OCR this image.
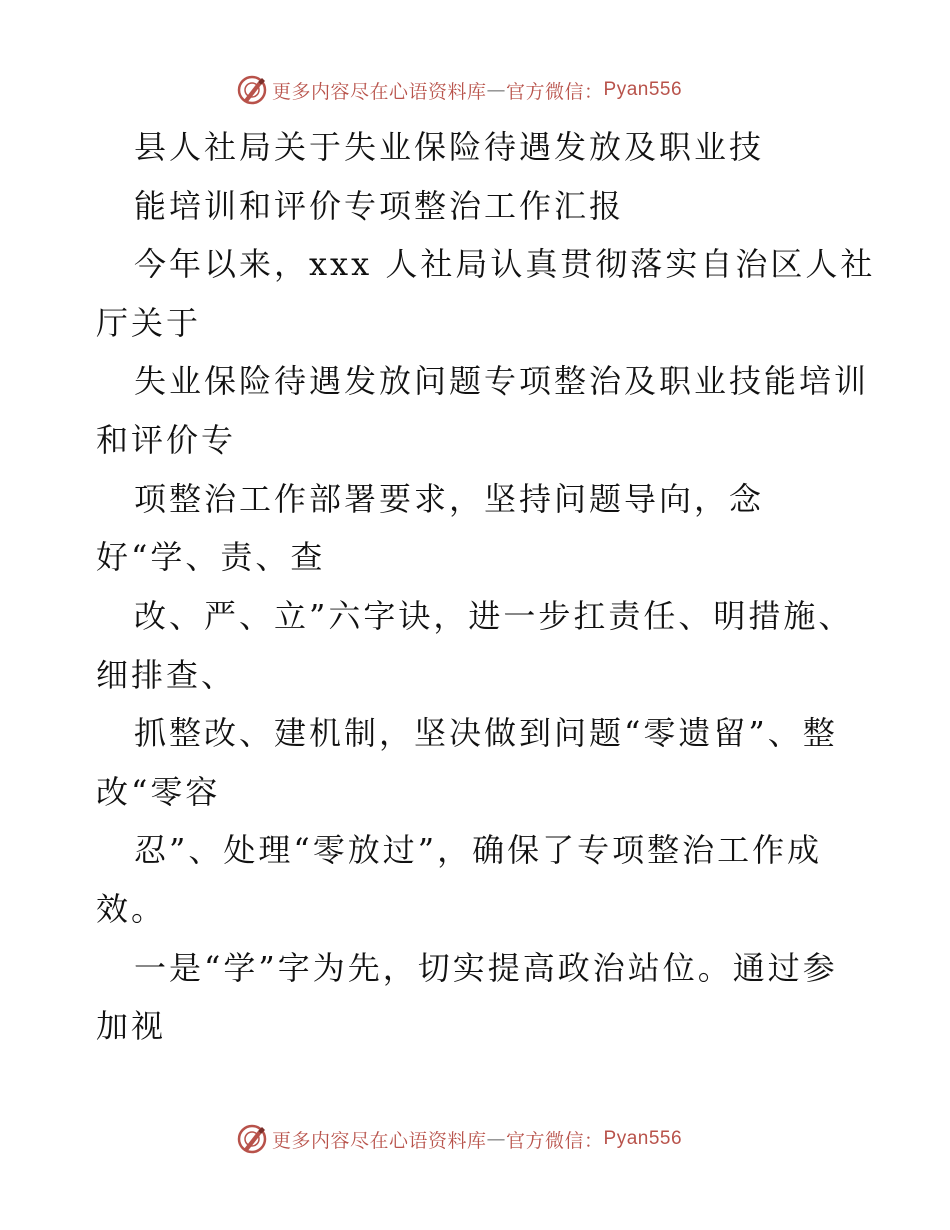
更多内容尽在心语资料库 — 官方微信： Pyan556
县人社局关于失业保险待遇发放及职业技
能培训和评价专项整治工作汇报
今年以来，xxx 人社局认真贯彻落实自治区人社
厅关于
失业保险待遇发放问题专项整治及职业技能培训
和评价专
项整治工作部署要求，坚持问题导向，念
好“学、责、查
改、严、立”六字诀，进一步扛责任、明措施、
细排查、
抓整改、建机制，坚决做到问题“零遗留”、整
改“零容
忍”、处理“零放过”，确保了专项整治工作成
效。
一是“学”字为先，切实提高政治站位。通过参
加视
更多内容尽在心语资料库 — 官方微信： Pyan556
